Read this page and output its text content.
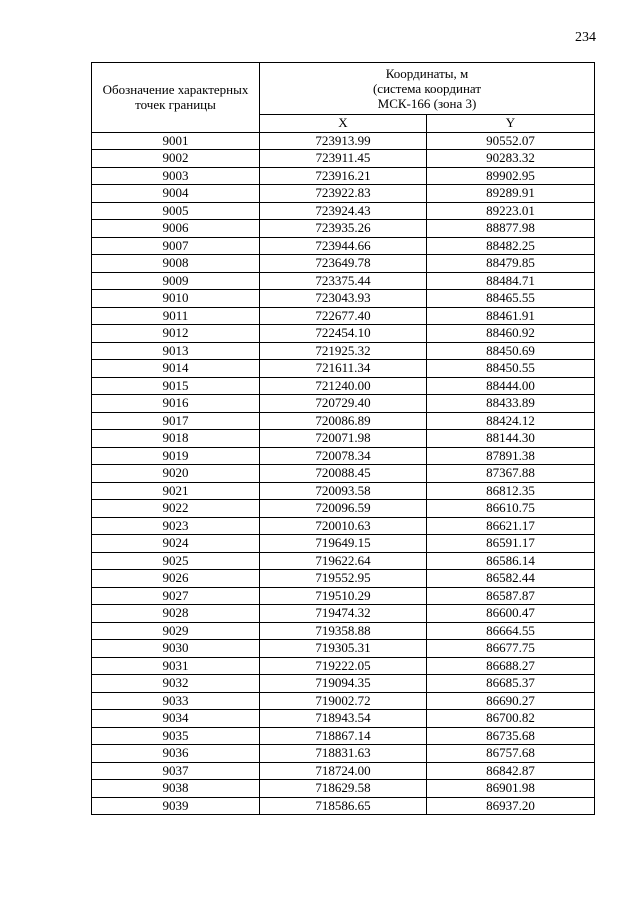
234
Обозначение характерных точек границы	Координаты, м
(система координат
МСК-166 (зона 3)	

	X	Y
9001	723913.99	90552.07
9002	723911.45	90283.32
9003	723916.21	89902.95
9004	723922.83	89289.91
9005	723924.43	89223.01
9006	723935.26	88877.98
9007	723944.66	88482.25
9008	723649.78	88479.85
9009	723375.44	88484.71
9010	723043.93	88465.55
9011	722677.40	88461.91
9012	722454.10	88460.92
9013	721925.32	88450.69
9014	721611.34	88450.55
9015	721240.00	88444.00
9016	720729.40	88433.89
9017	720086.89	88424.12
9018	720071.98	88144.30
9019	720078.34	87891.38
9020	720088.45	87367.88
9021	720093.58	86812.35
9022	720096.59	86610.75
9023	720010.63	86621.17
9024	719649.15	86591.17
9025	719622.64	86586.14
9026	719552.95	86582.44
9027	719510.29	86587.87
9028	719474.32	86600.47
9029	719358.88	86664.55
9030	719305.31	86677.75
9031	719222.05	86688.27
9032	719094.35	86685.37
9033	719002.72	86690.27
9034	718943.54	86700.82
9035	718867.14	86735.68
9036	718831.63	86757.68
9037	718724.00	86842.87
9038	718629.58	86901.98
9039	718586.65	86937.20
